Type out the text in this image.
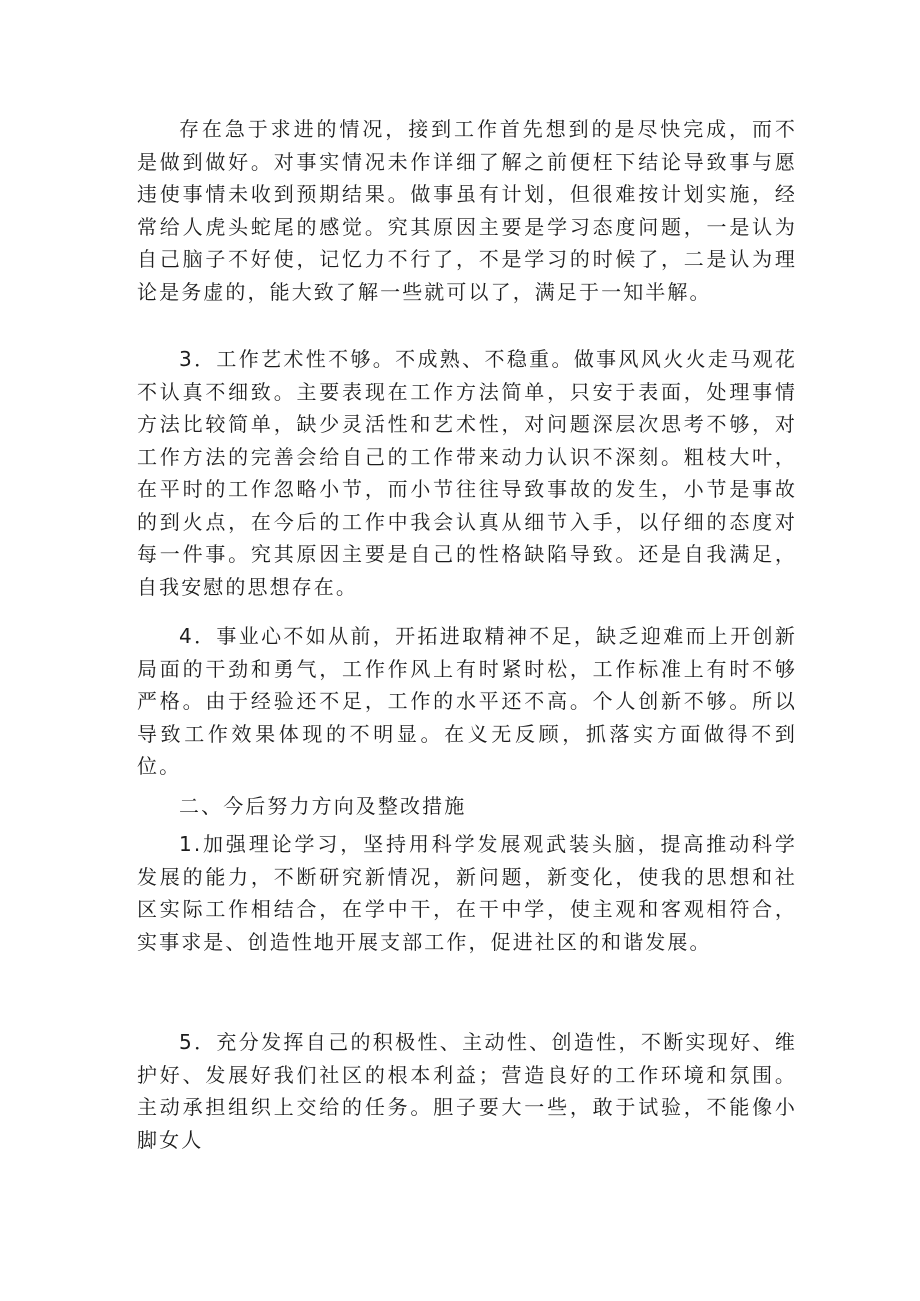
存在急于求进的情况，接到工作首先想到的是尽快完成，而不是做到做好。对事实情况未作详细了解之前便枉下结论导致事与愿违使事情未收到预期结果。做事虽有计划，但很难按计划实施，经常给人虎头蛇尾的感觉。究其原因主要是学习态度问题，一是认为自己脑子不好使，记忆力不行了，不是学习的时候了，二是认为理论是务虚的，能大致了解一些就可以了，满足于一知半解。

3．工作艺术性不够。不成熟、不稳重。做事风风火火走马观花不认真不细致。主要表现在工作方法简单，只安于表面，处理事情方法比较简单，缺少灵活性和艺术性，对问题深层次思考不够，对工作方法的完善会给自己的工作带来动力认识不深刻。粗枝大叶，在平时的工作忽略小节，而小节往往导致事故的发生，小节是事故的到火点，在今后的工作中我会认真从细节入手，以仔细的态度对每一件事。究其原因主要是自己的性格缺陷导致。还是自我满足，自我安慰的思想存在。

4．事业心不如从前，开拓进取精神不足，缺乏迎难而上开创新局面的干劲和勇气，工作作风上有时紧时松，工作标准上有时不够严格。由于经验还不足，工作的水平还不高。个人创新不够。所以导致工作效果体现的不明显。在义无反顾，抓落实方面做得不到位。

二、今后努力方向及整改措施

1.加强理论学习，坚持用科学发展观武装头脑，提高推动科学发展的能力，不断研究新情况，新问题，新变化，使我的思想和社区实际工作相结合，在学中干，在干中学，使主观和客观相符合，实事求是、创造性地开展支部工作，促进社区的和谐发展。

5．充分发挥自己的积极性、主动性、创造性，不断实现好、维护好、发展好我们社区的根本利益；营造良好的工作环境和氛围。主动承担组织上交给的任务。胆子要大一些，敢于试验，不能像小脚女人
